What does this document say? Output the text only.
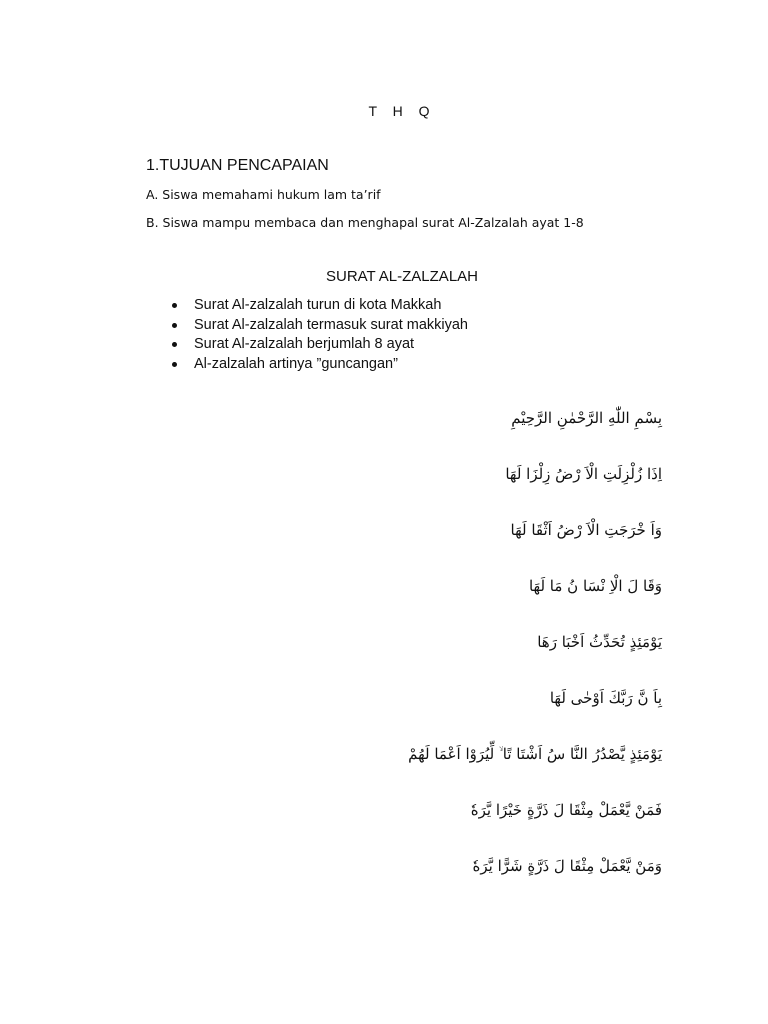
T H Q
1.TUJUAN PENCAPAIAN
A. Siswa memahami hukum lam ta’rif
B. Siswa mampu membaca dan menghapal surat Al-Zalzalah ayat 1-8
SURAT AL-ZALZALAH
Surat Al-zalzalah turun di kota Makkah
Surat Al-zalzalah termasuk surat makkiyah
Surat Al-zalzalah berjumlah 8 ayat
Al-zalzalah artinya ”guncangan”
بِسْمِ اللّٰهِ الرَّحْمٰنِ الرَّحِيْمِ
اِذَا زُلْزِلَتِ الْاَ رْضُ زِلْزَا لَهَا
وَاَ خْرَجَتِ الْاَ رْضُ اَثْقَا لَهَا
وَقَا لَ الْاِ نْسَا نُ مَا لَهَا
يَوْمَئِذٍ تُحَدِّثُ اَخْبَا رَهَا
بِاَ نَّ رَبَّكَ اَوْحٰى لَهَا
يَوْمَئِذٍ يَّصْدُرُ النَّا سُ اَشْتَا تًا ۙ لِّيُرَوْا اَعْمَا لَهُمْ
فَمَنْ يَّعْمَلْ مِثْقَا لَ ذَرَّةٍ خَيْرًا يَّرَهٗ
وَمَنْ يَّعْمَلْ مِثْقَا لَ ذَرَّةٍ شَرًّا يَّرَهٗ
